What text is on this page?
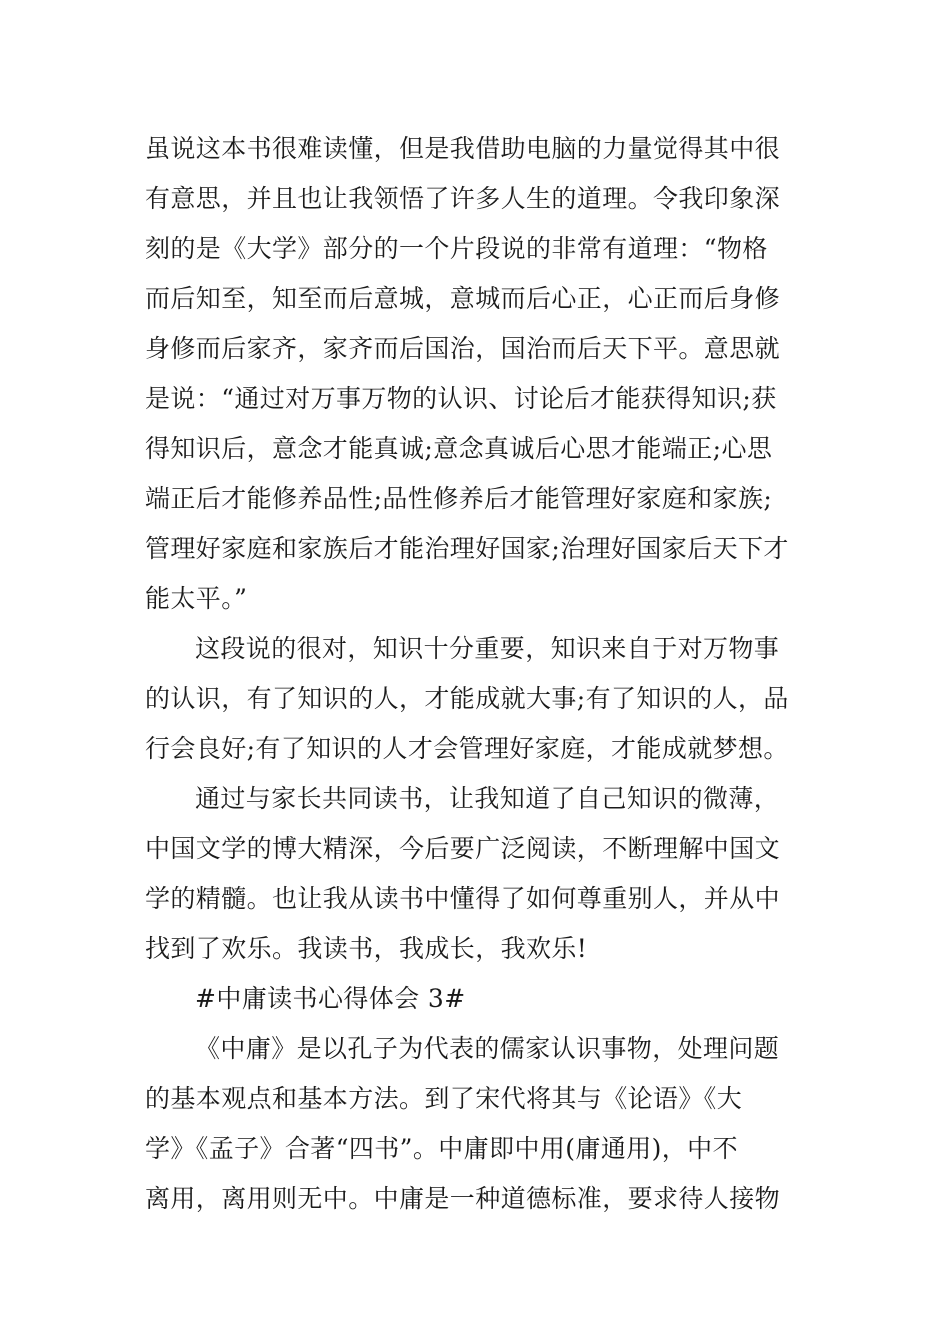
虽说这本书很难读懂，但是我借助电脑的力量觉得其中很

有意思，并且也让我领悟了许多人生的道理。令我印象深

刻的是《大学》部分的一个片段说的非常有道理：“物格

而后知至，知至而后意城，意城而后心正，心正而后身修

身修而后家齐，家齐而后国治，国治而后天下平。意思就

是说：“通过对万事万物的认识、讨论后才能获得知识;获

得知识后，意念才能真诚;意念真诚后心思才能端正;心思

端正后才能修养品性;品性修养后才能管理好家庭和家族;

管理好家庭和家族后才能治理好国家;治理好国家后天下才

能太平。”

这段说的很对，知识十分重要，知识来自于对万物事

的认识，有了知识的人，才能成就大事;有了知识的人，品

行会良好;有了知识的人才会管理好家庭，才能成就梦想。

通过与家长共同读书，让我知道了自己知识的微薄，

中国文学的博大精深，今后要广泛阅读，不断理解中国文

学的精髓。也让我从读书中懂得了如何尊重别人，并从中

找到了欢乐。我读书，我成长，我欢乐!

#中庸读书心得体会 3#

《中庸》是以孔子为代表的儒家认识事物，处理问题

的基本观点和基本方法。到了宋代将其与《论语》《大

学》《孟子》合著“四书”。中庸即中用(庸通用)，中不

离用，离用则无中。中庸是一种道德标准，要求待人接物
